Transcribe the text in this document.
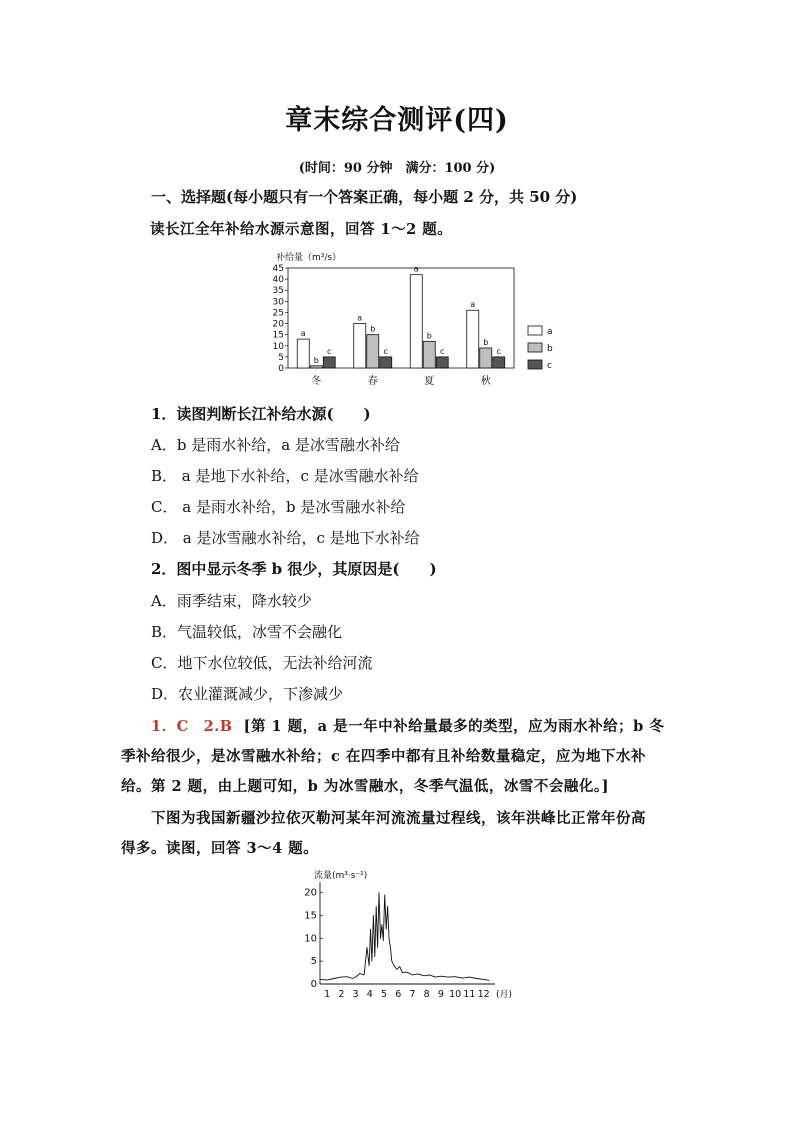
章末综合测评(四)
(时间：90 分钟　满分：100 分)
一、选择题(每小题只有一个答案正确，每小题 2 分，共 50 分)
读长江全年补给水源示意图，回答 1～2 题。
补给量（m³/s）
0
5
10
15
20
25
30
35
40
45
冬
a
b
c
春
a
b
c
夏
a
b
c
秋
a
b
c
a
b
c
1．读图判断长江补给水源(　　)
A．b 是雨水补给，a 是冰雪融水补给
B． a 是地下水补给，c 是冰雪融水补给
C． a 是雨水补给，b 是冰雪融水补给
D． a 是冰雪融水补给，c 是地下水补给
2．图中显示冬季 b 很少，其原因是(　　)
A．雨季结束，降水较少
B．气温较低，冰雪不会融化
C．地下水位较低，无法补给河流
D．农业灌溉减少，下渗减少
1．C　2.B [第 1 题，a 是一年中补给量最多的类型，应为雨水补给；b 冬
季补给很少，是冰雪融水补给；c 在四季中都有且补给数量稳定，应为地下水补
给。第 2 题，由上题可知，b 为冰雪融水，冬季气温低，冰雪不会融化。]
下图为我国新疆沙拉依灭勒河某年河流流量过程线，该年洪峰比正常年份高
得多。读图，回答 3～4 题。
流量(m³·s⁻¹)
(月)
0
5
10
15
20
1 2 3 4 5 6 7 8 9 10 11 12
